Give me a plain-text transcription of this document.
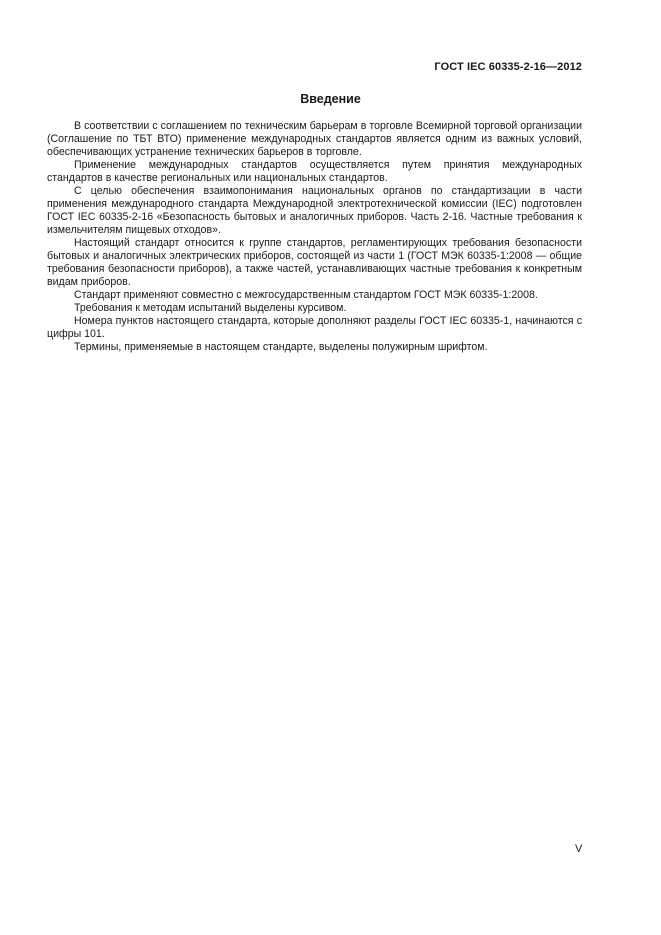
ГОСТ IEC 60335-2-16—2012
Введение

В соответствии с соглашением по техническим барьерам в торговле Всемирной торговой организации (Соглашение по ТБТ ВТО) применение международных стандартов является одним из важных условий, обеспечивающих устранение технических барьеров в торговле.

Применение международных стандартов осуществляется путем принятия международных стандартов в качестве региональных или национальных стандартов.

С целью обеспечения взаимопонимания национальных органов по стандартизации в части применения международного стандарта Международной электротехнической комиссии (IEC) подготовлен ГОСТ IEC 60335-2-16 «Безопасность бытовых и аналогичных приборов. Часть 2-16. Частные требования к измельчителям пищевых отходов».

Настоящий стандарт относится к группе стандартов, регламентирующих требования безопасности бытовых и аналогичных электрических приборов, состоящей из части 1 (ГОСТ МЭК 60335-1:2008 — общие требования безопасности приборов), а также частей, устанавливающих частные требования к конкретным видам приборов.

Стандарт применяют совместно с межгосударственным стандартом ГОСТ МЭК 60335-1:2008.

Требования к методам испытаний выделены курсивом.

Номера пунктов настоящего стандарта, которые дополняют разделы ГОСТ IEC 60335-1, начинаются с цифры 101.

Термины, применяемые в настоящем стандарте, выделены полужирным шрифтом.

V
